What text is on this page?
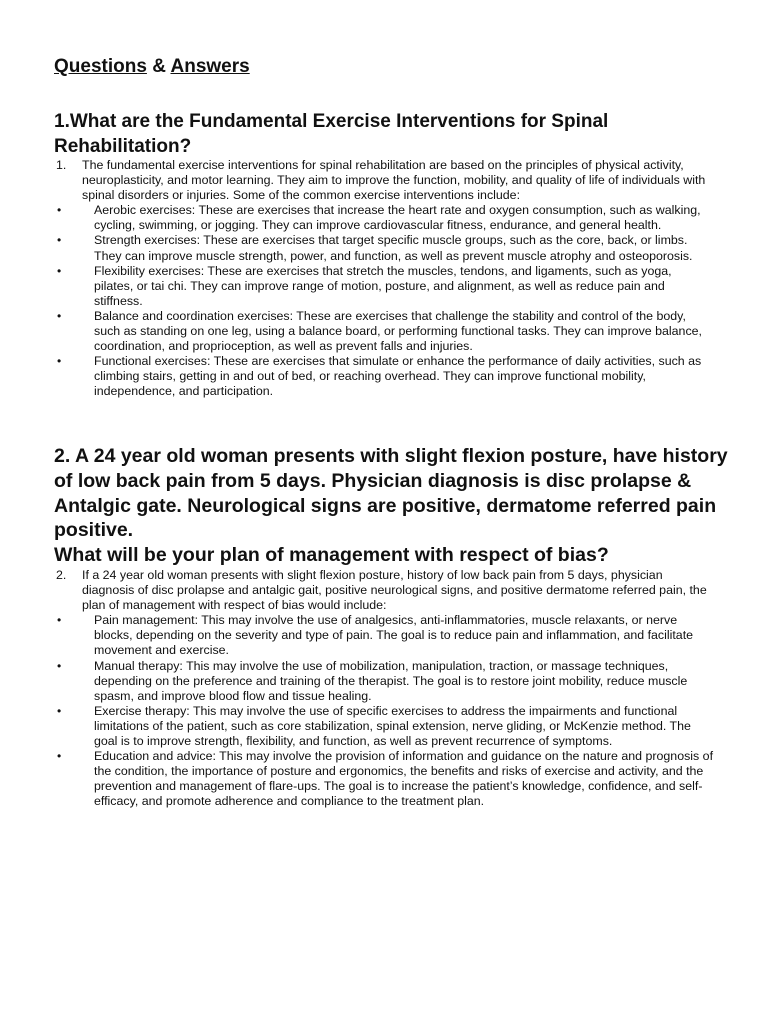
Questions & Answers
1.What are the Fundamental Exercise Interventions for Spinal Rehabilitation?
1. The fundamental exercise interventions for spinal rehabilitation are based on the principles of physical activity, neuroplasticity, and motor learning. They aim to improve the function, mobility, and quality of life of individuals with spinal disorders or injuries. Some of the common exercise interventions include:
•	Aerobic exercises: These are exercises that increase the heart rate and oxygen consumption, such as walking, cycling, swimming, or jogging. They can improve cardiovascular fitness, endurance, and general health.
•	Strength exercises: These are exercises that target specific muscle groups, such as the core, back, or limbs. They can improve muscle strength, power, and function, as well as prevent muscle atrophy and osteoporosis.
•	Flexibility exercises: These are exercises that stretch the muscles, tendons, and ligaments, such as yoga, pilates, or tai chi. They can improve range of motion, posture, and alignment, as well as reduce pain and stiffness.
•	Balance and coordination exercises: These are exercises that challenge the stability and control of the body, such as standing on one leg, using a balance board, or performing functional tasks. They can improve balance, coordination, and proprioception, as well as prevent falls and injuries.
•	Functional exercises: These are exercises that simulate or enhance the performance of daily activities, such as climbing stairs, getting in and out of bed, or reaching overhead. They can improve functional mobility, independence, and participation.
2. A 24 year old woman presents with slight flexion posture, have history of low back pain from 5 days. Physician diagnosis is disc prolapse & Antalgic gate. Neurological signs are positive, dermatome referred pain positive.
What will be your plan of management with respect of bias?
2. If a 24 year old woman presents with slight flexion posture, history of low back pain from 5 days, physician diagnosis of disc prolapse and antalgic gait, positive neurological signs, and positive dermatome referred pain, the plan of management with respect of bias would include:
•	Pain management: This may involve the use of analgesics, anti-inflammatories, muscle relaxants, or nerve blocks, depending on the severity and type of pain. The goal is to reduce pain and inflammation, and facilitate movement and exercise.
•	Manual therapy: This may involve the use of mobilization, manipulation, traction, or massage techniques, depending on the preference and training of the therapist. The goal is to restore joint mobility, reduce muscle spasm, and improve blood flow and tissue healing.
•	Exercise therapy: This may involve the use of specific exercises to address the impairments and functional limitations of the patient, such as core stabilization, spinal extension, nerve gliding, or McKenzie method. The goal is to improve strength, flexibility, and function, as well as prevent recurrence of symptoms.
•	Education and advice: This may involve the provision of information and guidance on the nature and prognosis of the condition, the importance of posture and ergonomics, the benefits and risks of exercise and activity, and the prevention and management of flare-ups. The goal is to increase the patient’s knowledge, confidence, and self-efficacy, and promote adherence and compliance to the treatment plan.
